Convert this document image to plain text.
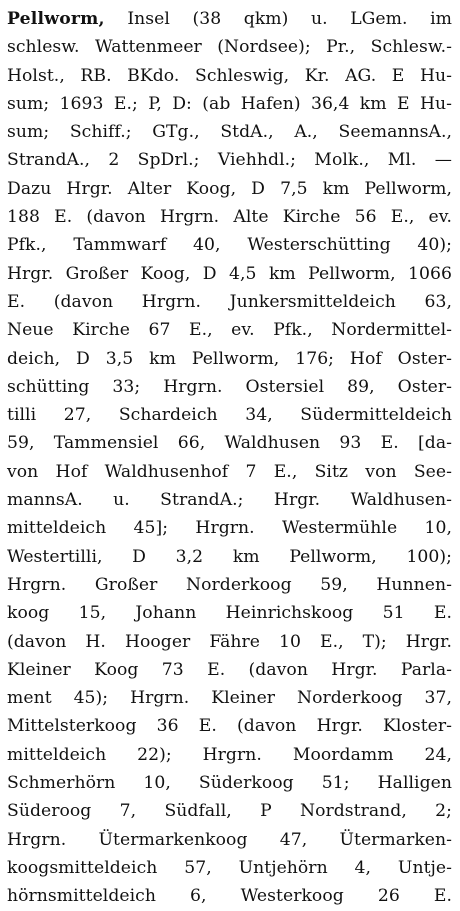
Pellworm, Insel (38 qkm) u. LGem. im
schlesw. Wattenmeer (Nordsee); Pr., Schlesw.-
Holst., RB. BKdo. Schleswig, Kr. AG. E Hu-
sum; 1693 E.; P, D: (ab Hafen) 36,4 km E Hu-
sum; Schiff.; GTg., StdA., A., SeemannsA.,
StrandA., 2 SpDrl.; Viehhdl.; Molk., Ml. —
Dazu Hrgr. Alter Koog, D 7,5 km Pellworm,
188 E. (davon Hrgrn. Alte Kirche 56 E., ev.
Pfk., Tammwarf 40, Westerschütting 40);
Hrgr. Großer Koog, D 4,5 km Pellworm, 1066
E. (davon Hrgrn. Junkersmitteldeich 63,
Neue Kirche 67 E., ev. Pfk., Nordermittel-
deich, D 3,5 km Pellworm, 176; Hof Oster-
schütting 33; Hrgrn. Ostersiel 89, Oster-
tilli 27, Schardeich 34, Südermitteldeich
59, Tammensiel 66, Waldhusen 93 E. [da-
von Hof Waldhusenhof 7 E., Sitz von See-
mannsA. u. StrandA.; Hrgr. Waldhusen-
mitteldeich 45]; Hrgrn. Westermühle 10,
Westertilli, D 3,2 km Pellworm, 100);
Hrgrn. Großer Norderkoog 59, Hunnen-
koog 15, Johann Heinrichskoog 51 E.
(davon H. Hooger Fähre 10 E., T); Hrgr.
Kleiner Koog 73 E. (davon Hrgr. Parla-
ment 45); Hrgrn. Kleiner Norderkoog 37,
Mittelsterkoog 36 E. (davon Hrgr. Kloster-
mitteldeich 22); Hrgrn. Moordamm 24,
Schmerhörn 10, Süderkoog 51; Halligen
Süderoog 7, Südfall, P Nordstrand, 2;
Hrgrn. Ütermarkenkoog 47, Ütermarken-
koogsmitteldeich 57, Untjehörn 4, Untje-
hörnsmitteldeich 6, Westerkoog 26 E.
